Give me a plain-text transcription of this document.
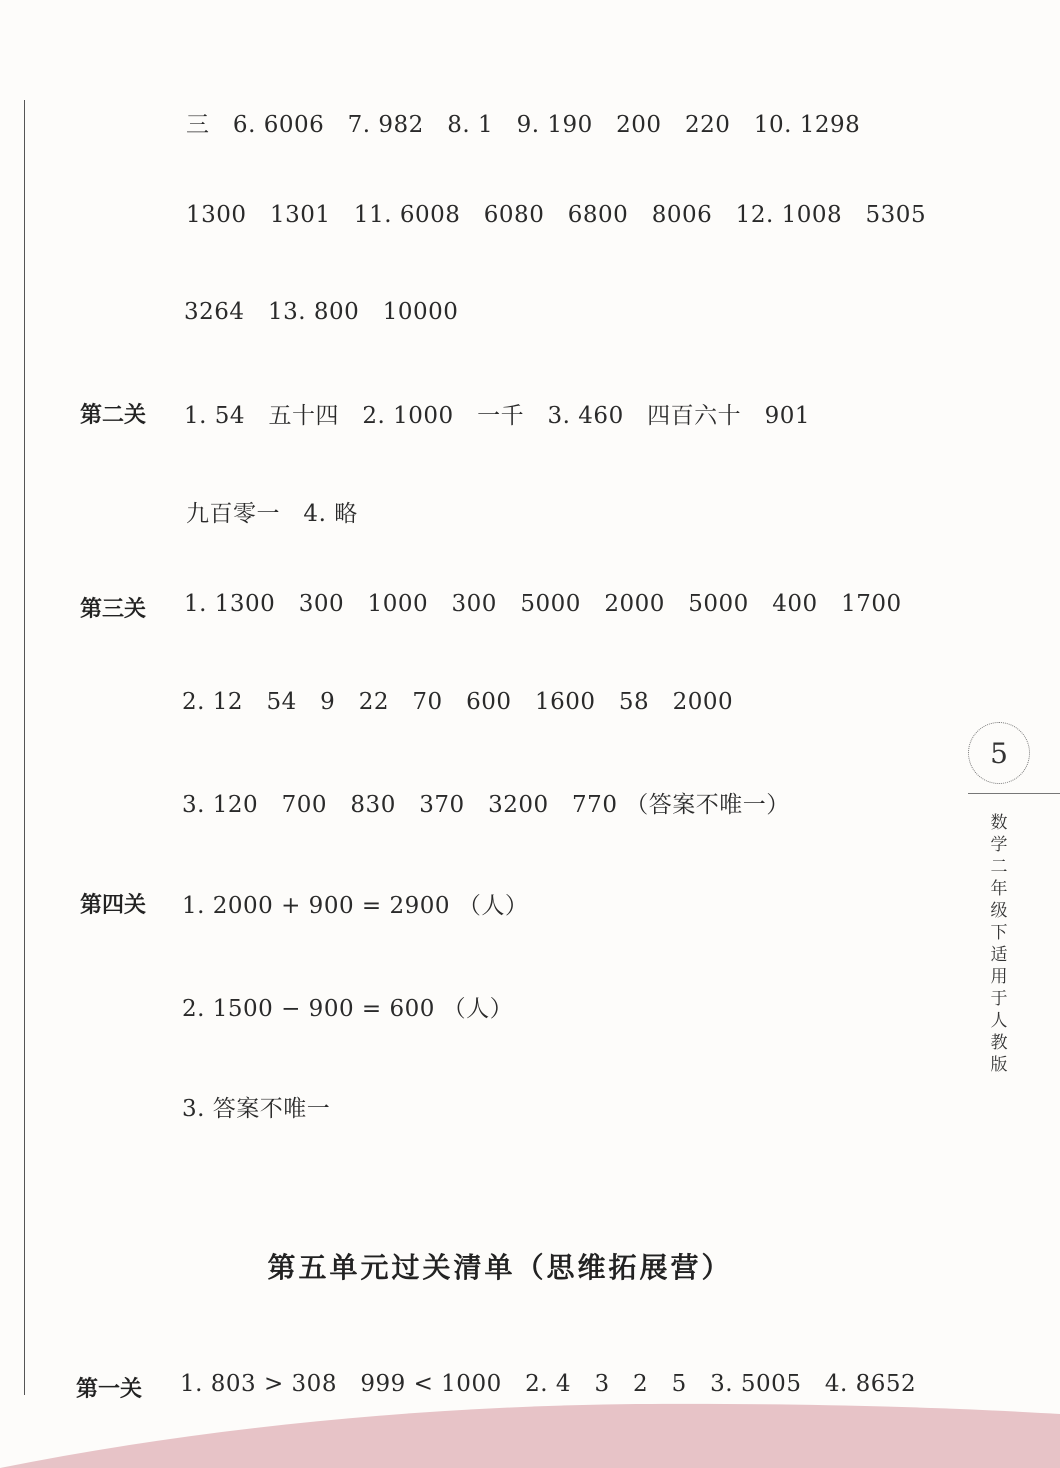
三   6. 6006   7. 982   8. 1   9. 190   200   220   10. 1298
1300   1301   11. 6008   6080   6800   8006   12. 1008   5305
3264   13. 800   10000
第二关 1. 54   五十四   2. 1000   一千   3. 460   四百六十   901
九百零一   4. 略
第三关 1. 1300   300   1000   300   5000   2000   5000   400   1700
2. 12   54   9   22   70   600   1600   58   2000
3. 120   700   830   370   3200   770 （答案不唯一）
第四关 1. 2000 + 900 = 2900 （人）
2. 1500 − 900 = 600 （人）
3. 答案不唯一
第五单元过关清单（思维拓展营）
第一关 1. 803 > 308   999 < 1000   2. 4   3   2   5   3. 5005   4. 8652
5
数学 二年级下 适用于人教版
